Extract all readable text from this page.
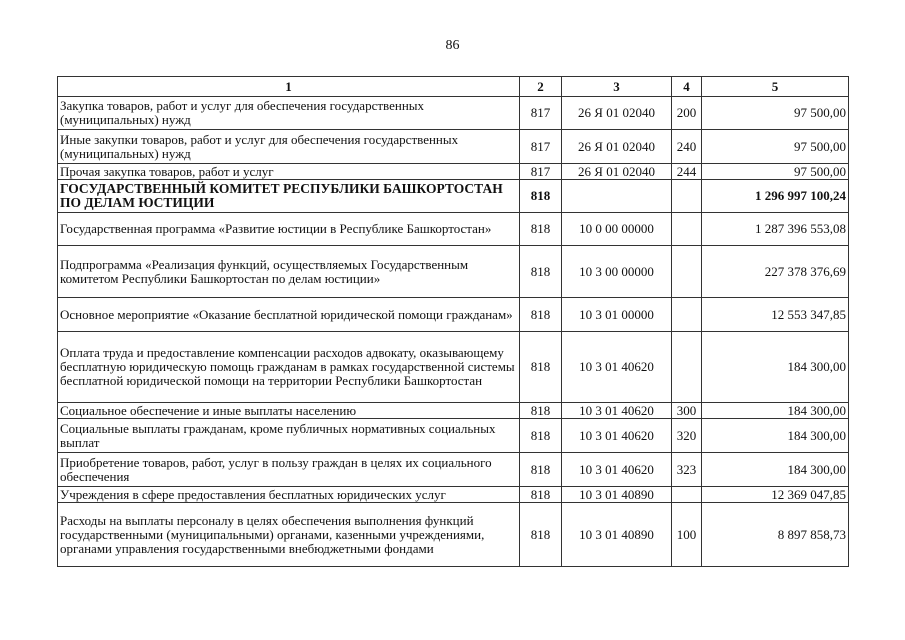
86
1	2	3	4	5
Закупка товаров, работ и услуг для обеспечения государственных (муниципальных) нужд	817	26 Я 01 02040	200	97 500,00
Иные закупки товаров, работ и услуг для обеспечения государственных (муниципальных) нужд	817	26 Я 01 02040	240	97 500,00
Прочая закупка товаров, работ и услуг	817	26 Я 01 02040	244	97 500,00
ГОСУДАРСТВЕННЫЙ КОМИТЕТ РЕСПУБЛИКИ БАШКОРТОСТАН ПО ДЕЛАМ ЮСТИЦИИ	818			1 296 997 100,24
Государственная программа «Развитие юстиции в Республике Башкортостан»	818	10 0 00 00000		1 287 396 553,08
Подпрограмма «Реализация функций, осуществляемых Государственным комитетом Республики Башкортостан по делам юстиции»	818	10 3 00 00000		227 378 376,69
Основное мероприятие «Оказание бесплатной юридической помощи гражданам»	818	10 3 01 00000		12 553 347,85
Оплата труда и предоставление компенсации расходов адвокату, оказывающему бесплатную юридическую помощь гражданам в рамках государственной системы бесплатной юридической помощи на территории Республики Башкортостан	818	10 3 01 40620		184 300,00
Социальное обеспечение и иные выплаты населению	818	10 3 01 40620	300	184 300,00
Социальные выплаты гражданам, кроме публичных нормативных социальных выплат	818	10 3 01 40620	320	184 300,00
Приобретение товаров, работ, услуг в пользу граждан в целях их социального обеспечения	818	10 3 01 40620	323	184 300,00
Учреждения в сфере предоставления бесплатных юридических услуг	818	10 3 01 40890		12 369 047,85
Расходы на выплаты персоналу в целях обеспечения выполнения функций государственными (муниципальными) органами, казенными учреждениями, органами управления государственными внебюджетными фондами	818	10 3 01 40890	100	8 897 858,73
